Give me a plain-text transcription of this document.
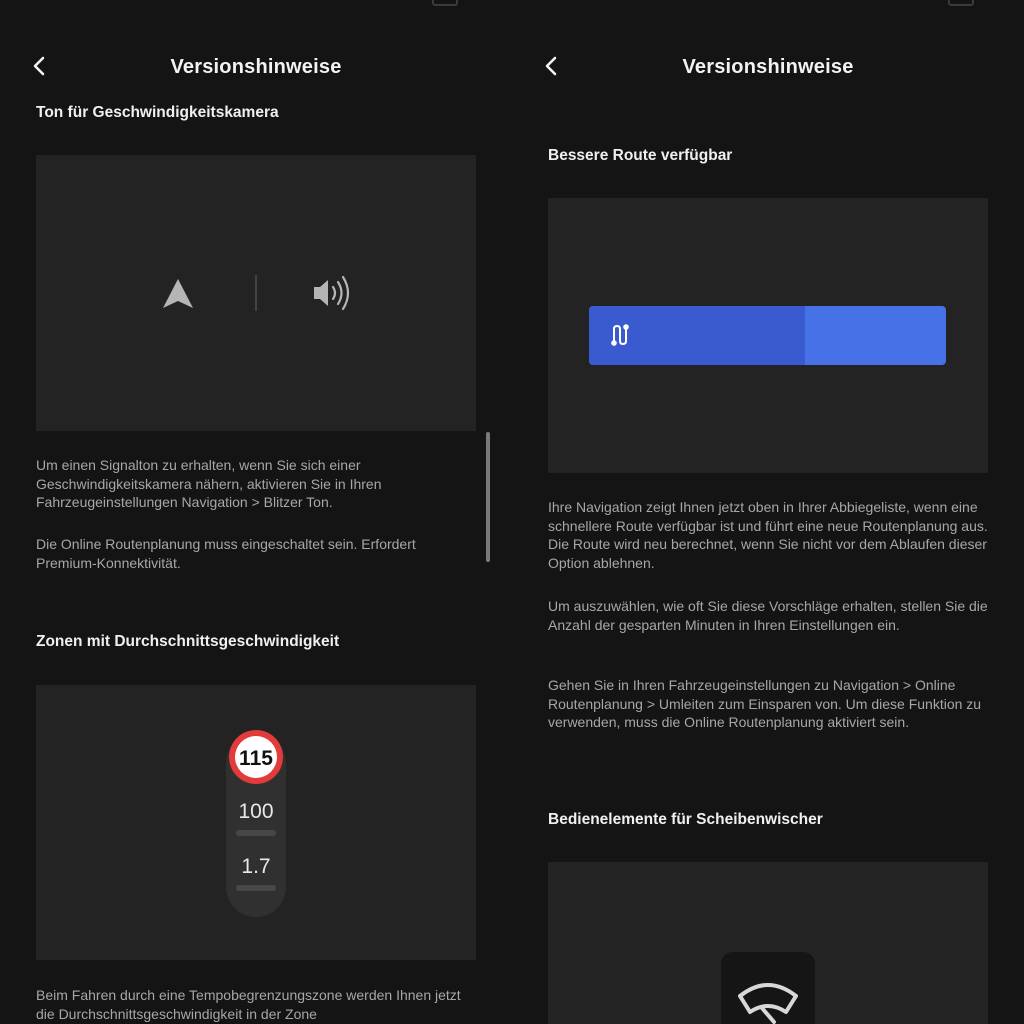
Versionshinweise
Ton für Geschwindigkeitskamera
Um einen Signalton zu erhalten, wenn Sie sich einer Geschwindigkeitskamera nähern, aktivieren Sie in Ihren Fahrzeugeinstellungen Navigation > Blitzer Ton.
Die Online Routenplanung muss eingeschaltet sein. Erfordert Premium-Konnektivität.
Zonen mit Durchschnittsgeschwindigkeit
115
100
1.7
Beim Fahren durch eine Tempobegrenzungszone werden Ihnen jetzt die Durchschnittsgeschwindigkeit in der Zone
Versionshinweise
Bessere Route verfügbar
Ihre Navigation zeigt Ihnen jetzt oben in Ihrer Abbiegeliste, wenn eine schnellere Route verfügbar ist und führt eine neue Routenplanung aus. Die Route wird neu berechnet, wenn Sie nicht vor dem Ablaufen dieser Option ablehnen.
Um auszuwählen, wie oft Sie diese Vorschläge erhalten, stellen Sie die Anzahl der gesparten Minuten in Ihren Einstellungen ein.
Gehen Sie in Ihren Fahrzeugeinstellungen zu Navigation > Online Routenplanung > Umleiten zum Einsparen von. Um diese Funktion zu verwenden, muss die Online Routenplanung aktiviert sein.
Bedienelemente für Scheibenwischer
